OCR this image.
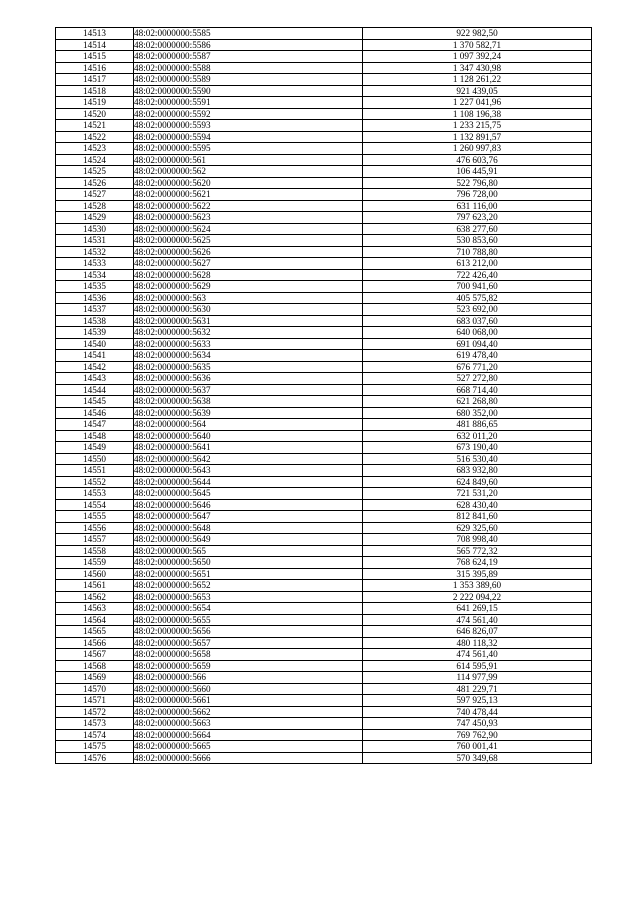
14513	48:02:0000000:5585	922 982,50
14514	48:02:0000000:5586	1 370 582,71
14515	48:02:0000000:5587	1 097 392,24
14516	48:02:0000000:5588	1 347 430,98
14517	48:02:0000000:5589	1 128 261,22
14518	48:02:0000000:5590	921 439,05
14519	48:02:0000000:5591	1 227 041,96
14520	48:02:0000000:5592	1 108 196,38
14521	48:02:0000000:5593	1 233 215,75
14522	48:02:0000000:5594	1 132 891,57
14523	48:02:0000000:5595	1 260 997,83
14524	48:02:0000000:561	476 603,76
14525	48:02:0000000:562	106 445,91
14526	48:02:0000000:5620	522 796,80
14527	48:02:0000000:5621	796 728,00
14528	48:02:0000000:5622	631 116,00
14529	48:02:0000000:5623	797 623,20
14530	48:02:0000000:5624	638 277,60
14531	48:02:0000000:5625	530 853,60
14532	48:02:0000000:5626	710 788,80
14533	48:02:0000000:5627	613 212,00
14534	48:02:0000000:5628	722 426,40
14535	48:02:0000000:5629	700 941,60
14536	48:02:0000000:563	405 575,82
14537	48:02:0000000:5630	523 692,00
14538	48:02:0000000:5631	683 037,60
14539	48:02:0000000:5632	640 068,00
14540	48:02:0000000:5633	691 094,40
14541	48:02:0000000:5634	619 478,40
14542	48:02:0000000:5635	676 771,20
14543	48:02:0000000:5636	527 272,80
14544	48:02:0000000:5637	668 714,40
14545	48:02:0000000:5638	621 268,80
14546	48:02:0000000:5639	680 352,00
14547	48:02:0000000:564	481 886,65
14548	48:02:0000000:5640	632 011,20
14549	48:02:0000000:5641	673 190,40
14550	48:02:0000000:5642	516 530,40
14551	48:02:0000000:5643	683 932,80
14552	48:02:0000000:5644	624 849,60
14553	48:02:0000000:5645	721 531,20
14554	48:02:0000000:5646	628 430,40
14555	48:02:0000000:5647	812 841,60
14556	48:02:0000000:5648	629 325,60
14557	48:02:0000000:5649	708 998,40
14558	48:02:0000000:565	565 772,32
14559	48:02:0000000:5650	768 624,19
14560	48:02:0000000:5651	315 395,89
14561	48:02:0000000:5652	1 353 389,60
14562	48:02:0000000:5653	2 222 094,22
14563	48:02:0000000:5654	641 269,15
14564	48:02:0000000:5655	474 561,40
14565	48:02:0000000:5656	646 826,07
14566	48:02:0000000:5657	480 118,32
14567	48:02:0000000:5658	474 561,40
14568	48:02:0000000:5659	614 595,91
14569	48:02:0000000:566	114 977,99
14570	48:02:0000000:5660	481 229,71
14571	48:02:0000000:5661	597 925,13
14572	48:02:0000000:5662	740 478,44
14573	48:02:0000000:5663	747 450,93
14574	48:02:0000000:5664	769 762,90
14575	48:02:0000000:5665	760 001,41
14576	48:02:0000000:5666	570 349,68
